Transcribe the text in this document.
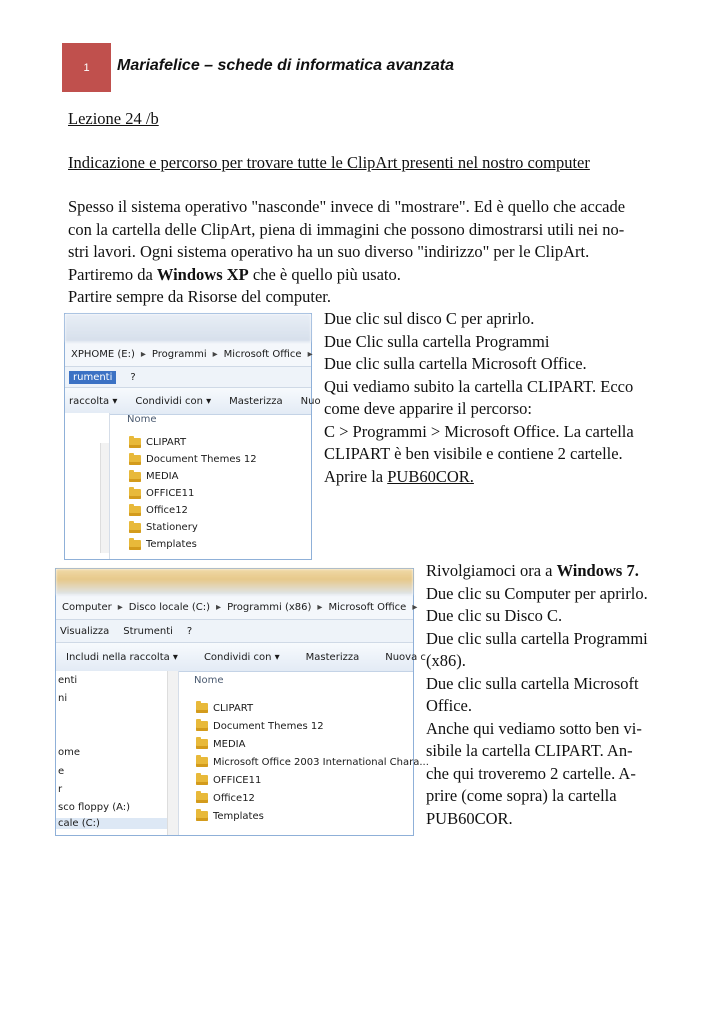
1 Mariafelice – schede di informatica avanzata

Lezione 24 /b

Indicazione e percorso per trovare tutte le ClipArt presenti nel nostro computer

Spesso il sistema operativo "nasconde" invece di "mostrare". Ed è quello che accade
con la cartella delle ClipArt, piena di immagini che possono dimostrarsi utili nei no-
stri lavori. Ogni sistema operativo ha un suo diverso "indirizzo" per le ClipArt.
Partiremo da Windows XP che è quello più usato.
Partire sempre da Risorse del computer.

XPHOME (E:) ▸ Programmi ▸ Microsoft Office ▸
rumenti	?
raccolta ▾ Condividi con ▾ Masterizza Nuo
Nome
CLIPART
Document Themes 12
MEDIA
OFFICE11
Office12
Stationery
Templates

Due clic sul disco C per aprirlo.
Due Clic sulla cartella Programmi
Due clic sulla cartella Microsoft Office.
Qui vediamo subito la cartella CLIPART. Ecco
come deve apparire il percorso:
C > Programmi > Microsoft Office. La cartella
CLIPART è ben visibile e contiene 2 cartelle.
Aprire la PUB60COR.

Computer ▸ Disco locale (C:) ▸ Programmi (x86) ▸ Microsoft Office ▸
Visualizza Strumenti ?
Includi nella raccolta ▾	Condividi con ▾	Masterizza	Nuova c
enti
ni
ome
e
r
sco floppy (A:)
cale (C:)
Nome
CLIPART
Document Themes 12
MEDIA
Microsoft Office 2003 International Chara...
OFFICE11
Office12
Templates

Rivolgiamoci ora a Windows 7.
Due clic su Computer per aprirlo.
Due clic su Disco C.
Due clic sulla cartella Programmi
(x86).
Due clic sulla cartella Microsoft
Office.
Anche qui vediamo sotto ben vi-
sibile la cartella CLIPART. An-
che qui troveremo 2 cartelle. A-
prire (come sopra) la cartella
PUB60COR.
